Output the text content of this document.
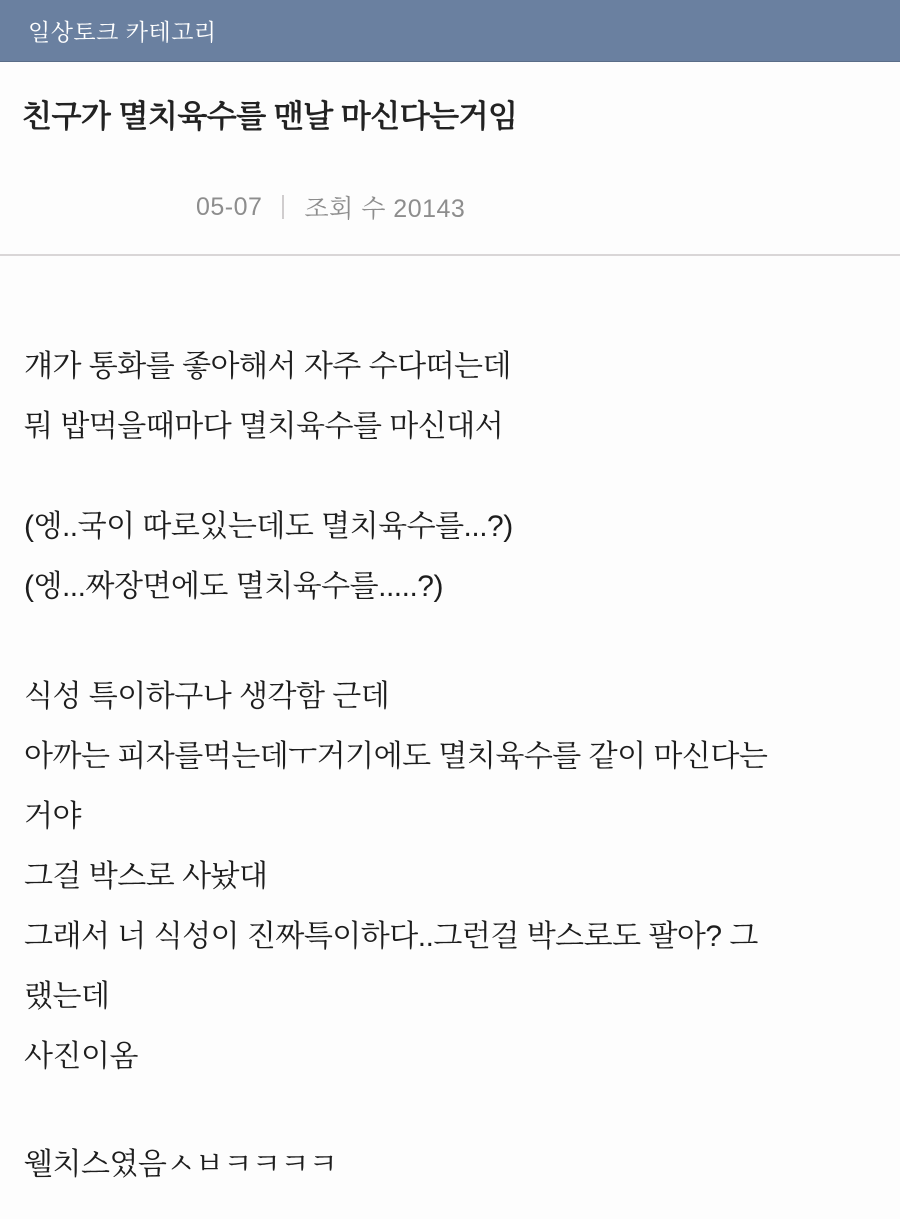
일상토크 카테고리
친구가 멸치육수를 맨날 마신다는거임
05-07 조회 수 20143
걔가 통화를 좋아해서 자주 수다떠는데
뭐 밥먹을때마다 멸치육수를 마신대서
(엥..국이 따로있는데도 멸치육수를...?)
(엥...짜장면에도 멸치육수를.....?)
식성 특이하구나 생각함 근데
아까는 피자를먹는데ㅜ거기에도 멸치육수를 같이 마신다는
거야
그걸 박스로 사놨대
그래서 너 식성이 진짜특이하다..그런걸 박스로도 팔아? 그
랬는데
사진이옴
웰치스였음ㅅㅂㅋㅋㅋㅋ
